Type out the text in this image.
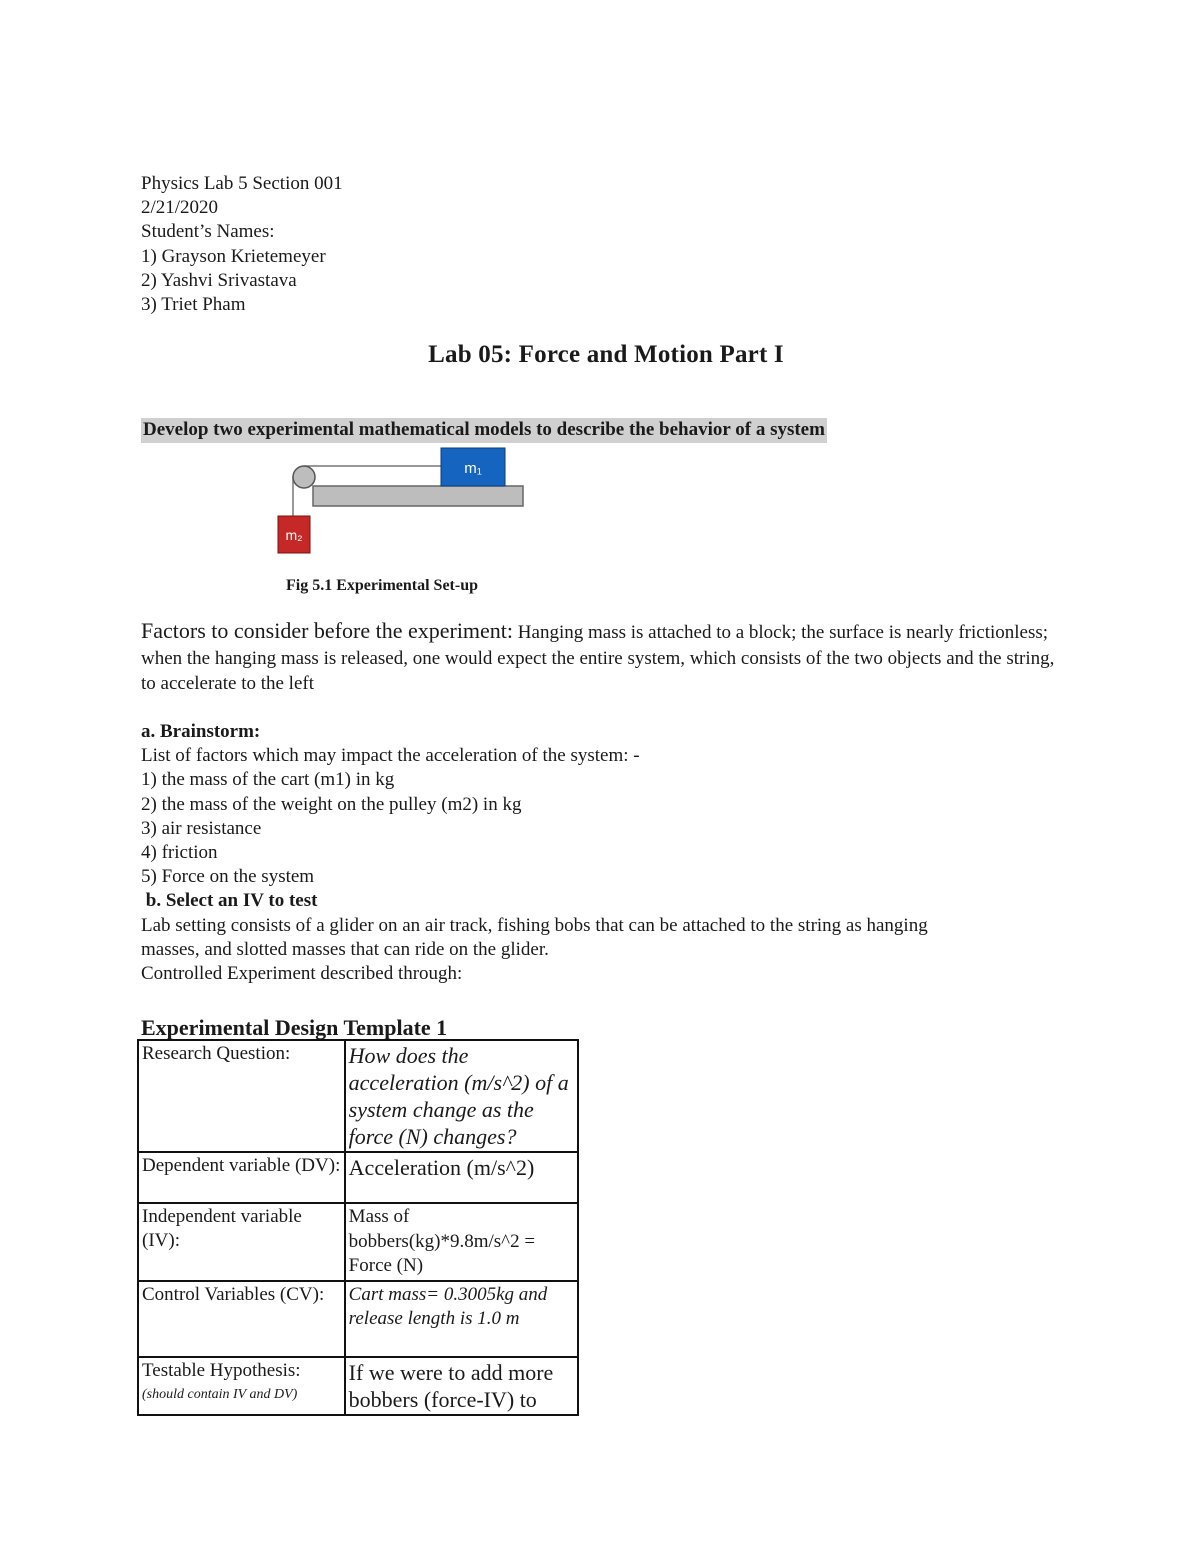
Physics Lab 5 Section 001
2/21/2020
Student’s Names:
1) Grayson Krietemeyer
2) Yashvi Srivastava
3) Triet Pham
Lab 05: Force and Motion Part I
Develop two experimental mathematical models to describe the behavior of a system
m₁
m₂
Fig 5.1 Experimental Set-up
Factors to consider before the experiment: Hanging mass is attached to a block; the surface is nearly frictionless; when the hanging mass is released, one would expect the entire system, which consists of the two objects and the string, to accelerate to the left
a. Brainstorm:
List of factors which may impact the acceleration of the system: -
1) the mass of the cart (m1) in kg
2) the mass of the weight on the pulley (m2) in kg
3) air resistance
4) friction
5) Force on the system
b. Select an IV to test
Lab setting consists of a glider on an air track, fishing bobs that can be attached to the string as hanging
masses, and slotted masses that can ride on the glider.
Controlled Experiment described through:
Experimental Design Template 1
Research Question:	How does the acceleration (m/s^2) of a system change as the force (N) changes?
Dependent variable (DV):	Acceleration (m/s^2)
Independent variable (IV):	Mass of bobbers(kg)*9.8m/s^2 = Force (N)
Control Variables (CV):	Cart mass= 0.3005kg and
release length is 1.0 m

Testable Hypothesis:
(should contain IV and DV)	If we were to add more bobbers (force-IV) to
